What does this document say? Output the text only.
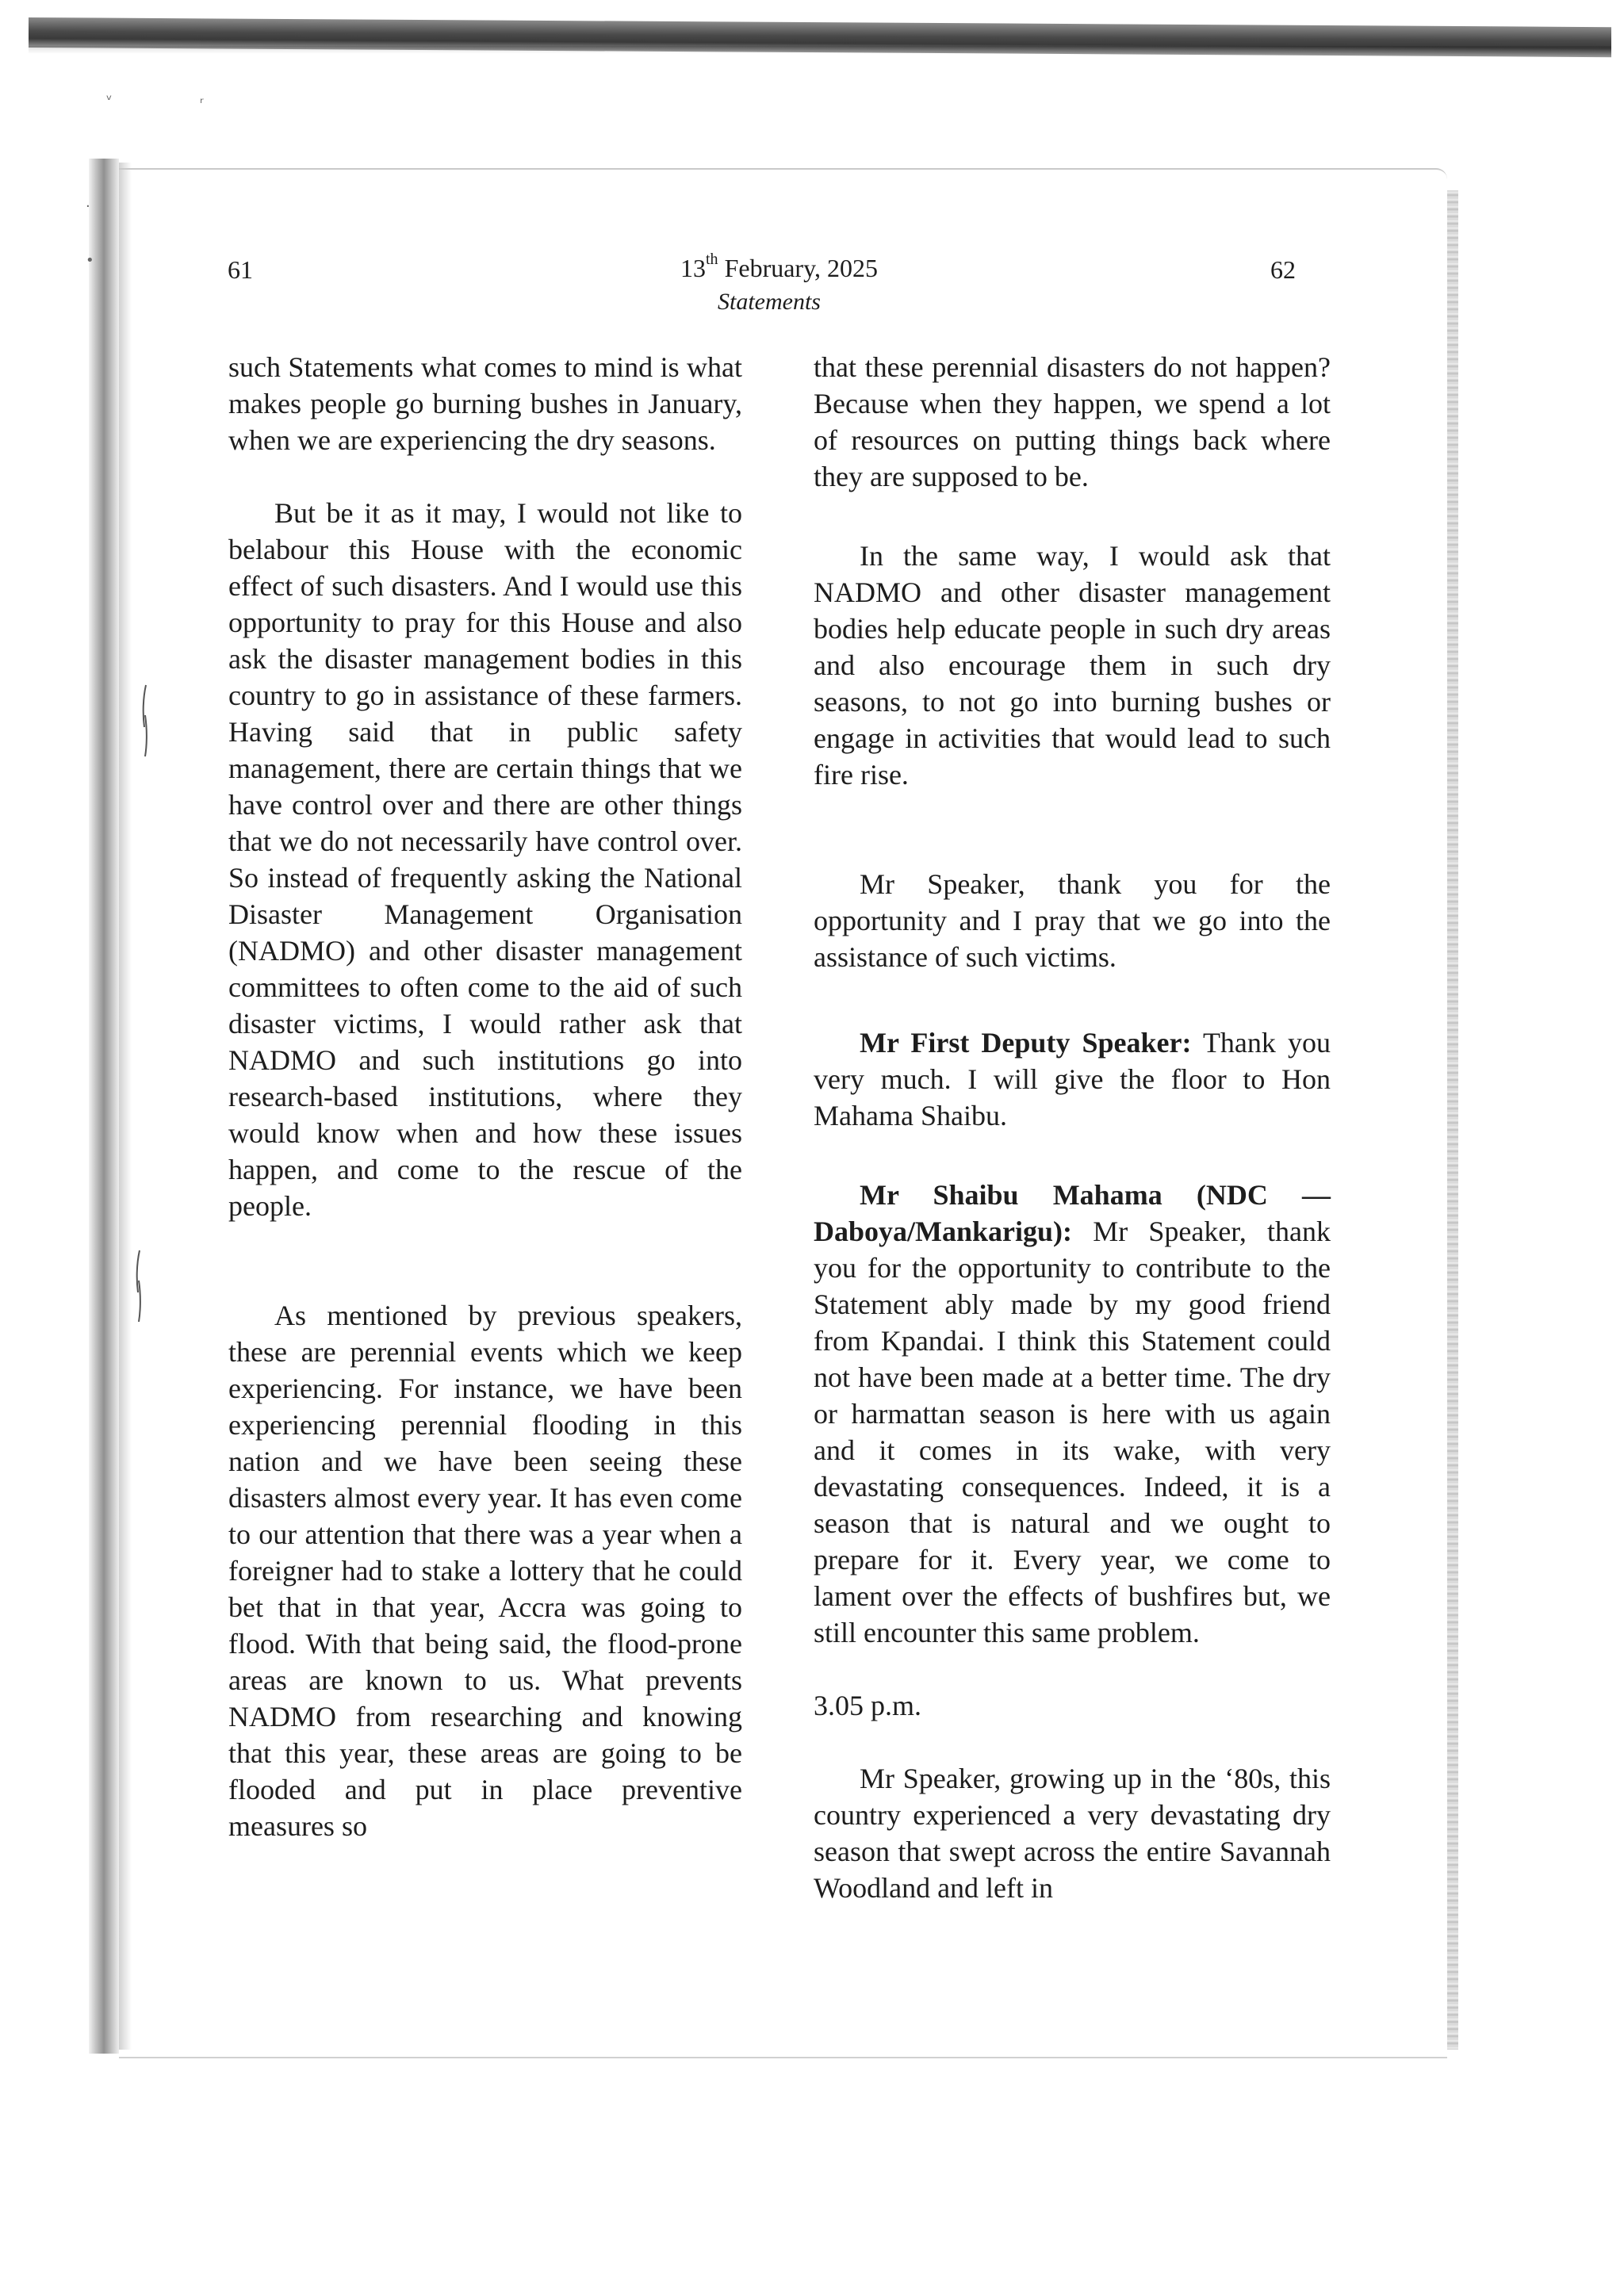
ᵛ	ʳ
·
•	61	13th February, 2025
Statements
62

such Statements what comes to mind is what makes people go burning bushes in January, when we are experiencing the dry seasons.

But be it as it may, I would not like to belabour this House with the economic effect of such disasters. And I would use this opportunity to pray for this House and also ask the disaster management bodies in this country to go in assistance of these farmers. Having said that in public safety management, there are certain things that we have control over and there are other things that we do not necessarily have control over. So instead of frequently asking the National Disaster Management Organisation (NADMO) and other disaster management committees to often come to the aid of such disaster victims, I would rather ask that NADMO and such institutions go into research-based institutions, where they would know when and how these issues happen, and come to the rescue of the people.

As mentioned by previous speakers, these are perennial events which we keep experiencing. For instance, we have been experiencing perennial flooding in this nation and we have been seeing these disasters almost every year. It has even come to our attention that there was a year when a foreigner had to stake a lottery that he could bet that in that year, Accra was going to flood. With that being said, the flood-prone areas are known to us. What prevents NADMO from researching and knowing that this year, these areas are going to be flooded and put in place preventive measures so

that these perennial disasters do not happen? Because when they happen, we spend a lot of resources on putting things back where they are supposed to be.

In the same way, I would ask that NADMO and other disaster management bodies help educate people in such dry areas and also encourage them in such dry seasons, to not go into burning bushes or engage in activities that would lead to such fire rise.

Mr Speaker, thank you for the opportunity and I pray that we go into the assistance of such victims.

Mr First Deputy Speaker: Thank you very much. I will give the floor to Hon Mahama Shaibu.

Mr Shaibu Mahama (NDC — Daboya/Mankarigu): Mr Speaker, thank you for the opportunity to contribute to the Statement ably made by my good friend from Kpandai. I think this Statement could not have been made at a better time. The dry or harmattan season is here with us again and it comes in its wake, with very devastating consequences. Indeed, it is a season that is natural and we ought to prepare for it. Every year, we come to lament over the effects of bushfires but, we still encounter this same problem.

3.05 p.m.

Mr Speaker, growing up in the ‘80s, this country experienced a very devastating dry season that swept across the entire Savannah Woodland and left in
